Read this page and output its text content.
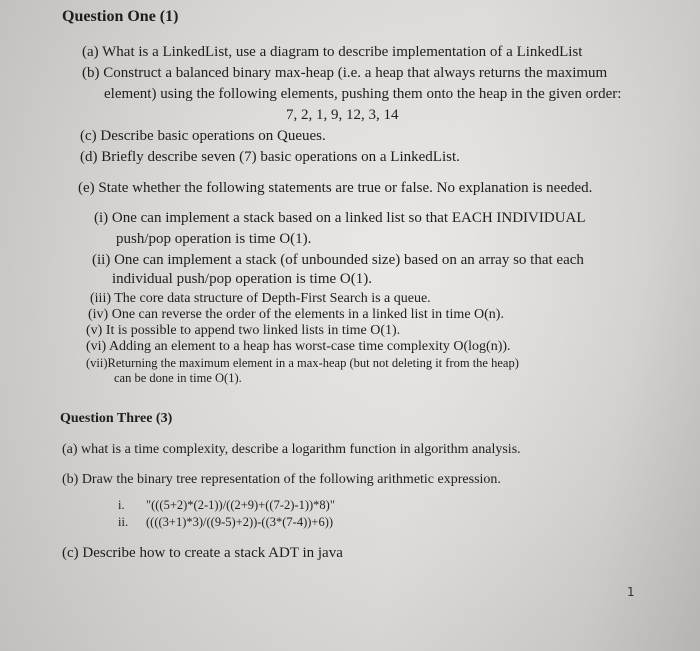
Question One (1)
(a) What is a LinkedList, use a diagram to describe implementation of a LinkedList
(b) Construct a balanced binary max-heap (i.e. a heap that always returns the maximum
element) using the following elements, pushing them onto the heap in the given order:
7, 2, 1, 9, 12, 3, 14
(c) Describe basic operations on Queues.
(d) Briefly describe seven (7) basic operations on a LinkedList.
(e) State whether the following statements are true or false. No explanation is needed.
(i) One can implement a stack based on a linked list so that EACH INDIVIDUAL
push/pop operation is time O(1).
(ii) One can implement a stack (of unbounded size) based on an array so that each
individual push/pop operation is time O(1).
(iii) The core data structure of Depth-First Search is a queue.
(iv) One can reverse the order of the elements in a linked list in time O(n).
(v) It is possible to append two linked lists in time O(1).
(vi) Adding an element to a heap has worst-case time complexity O(log(n)).
(vii)Returning the maximum element in a max-heap (but not deleting it from the heap)
can be done in time O(1).
Question Three (3)
(a) what is a time complexity, describe a logarithm function in algorithm analysis.
(b) Draw the binary tree representation of the following arithmetic expression.
i. "(((5+2)*(2-1))/((2+9)+((7-2)-1))*8)"
ii. ((((3+1)*3)/((9-5)+2))-((3*(7-4))+6))
(c) Describe how to create a stack ADT in java
1
